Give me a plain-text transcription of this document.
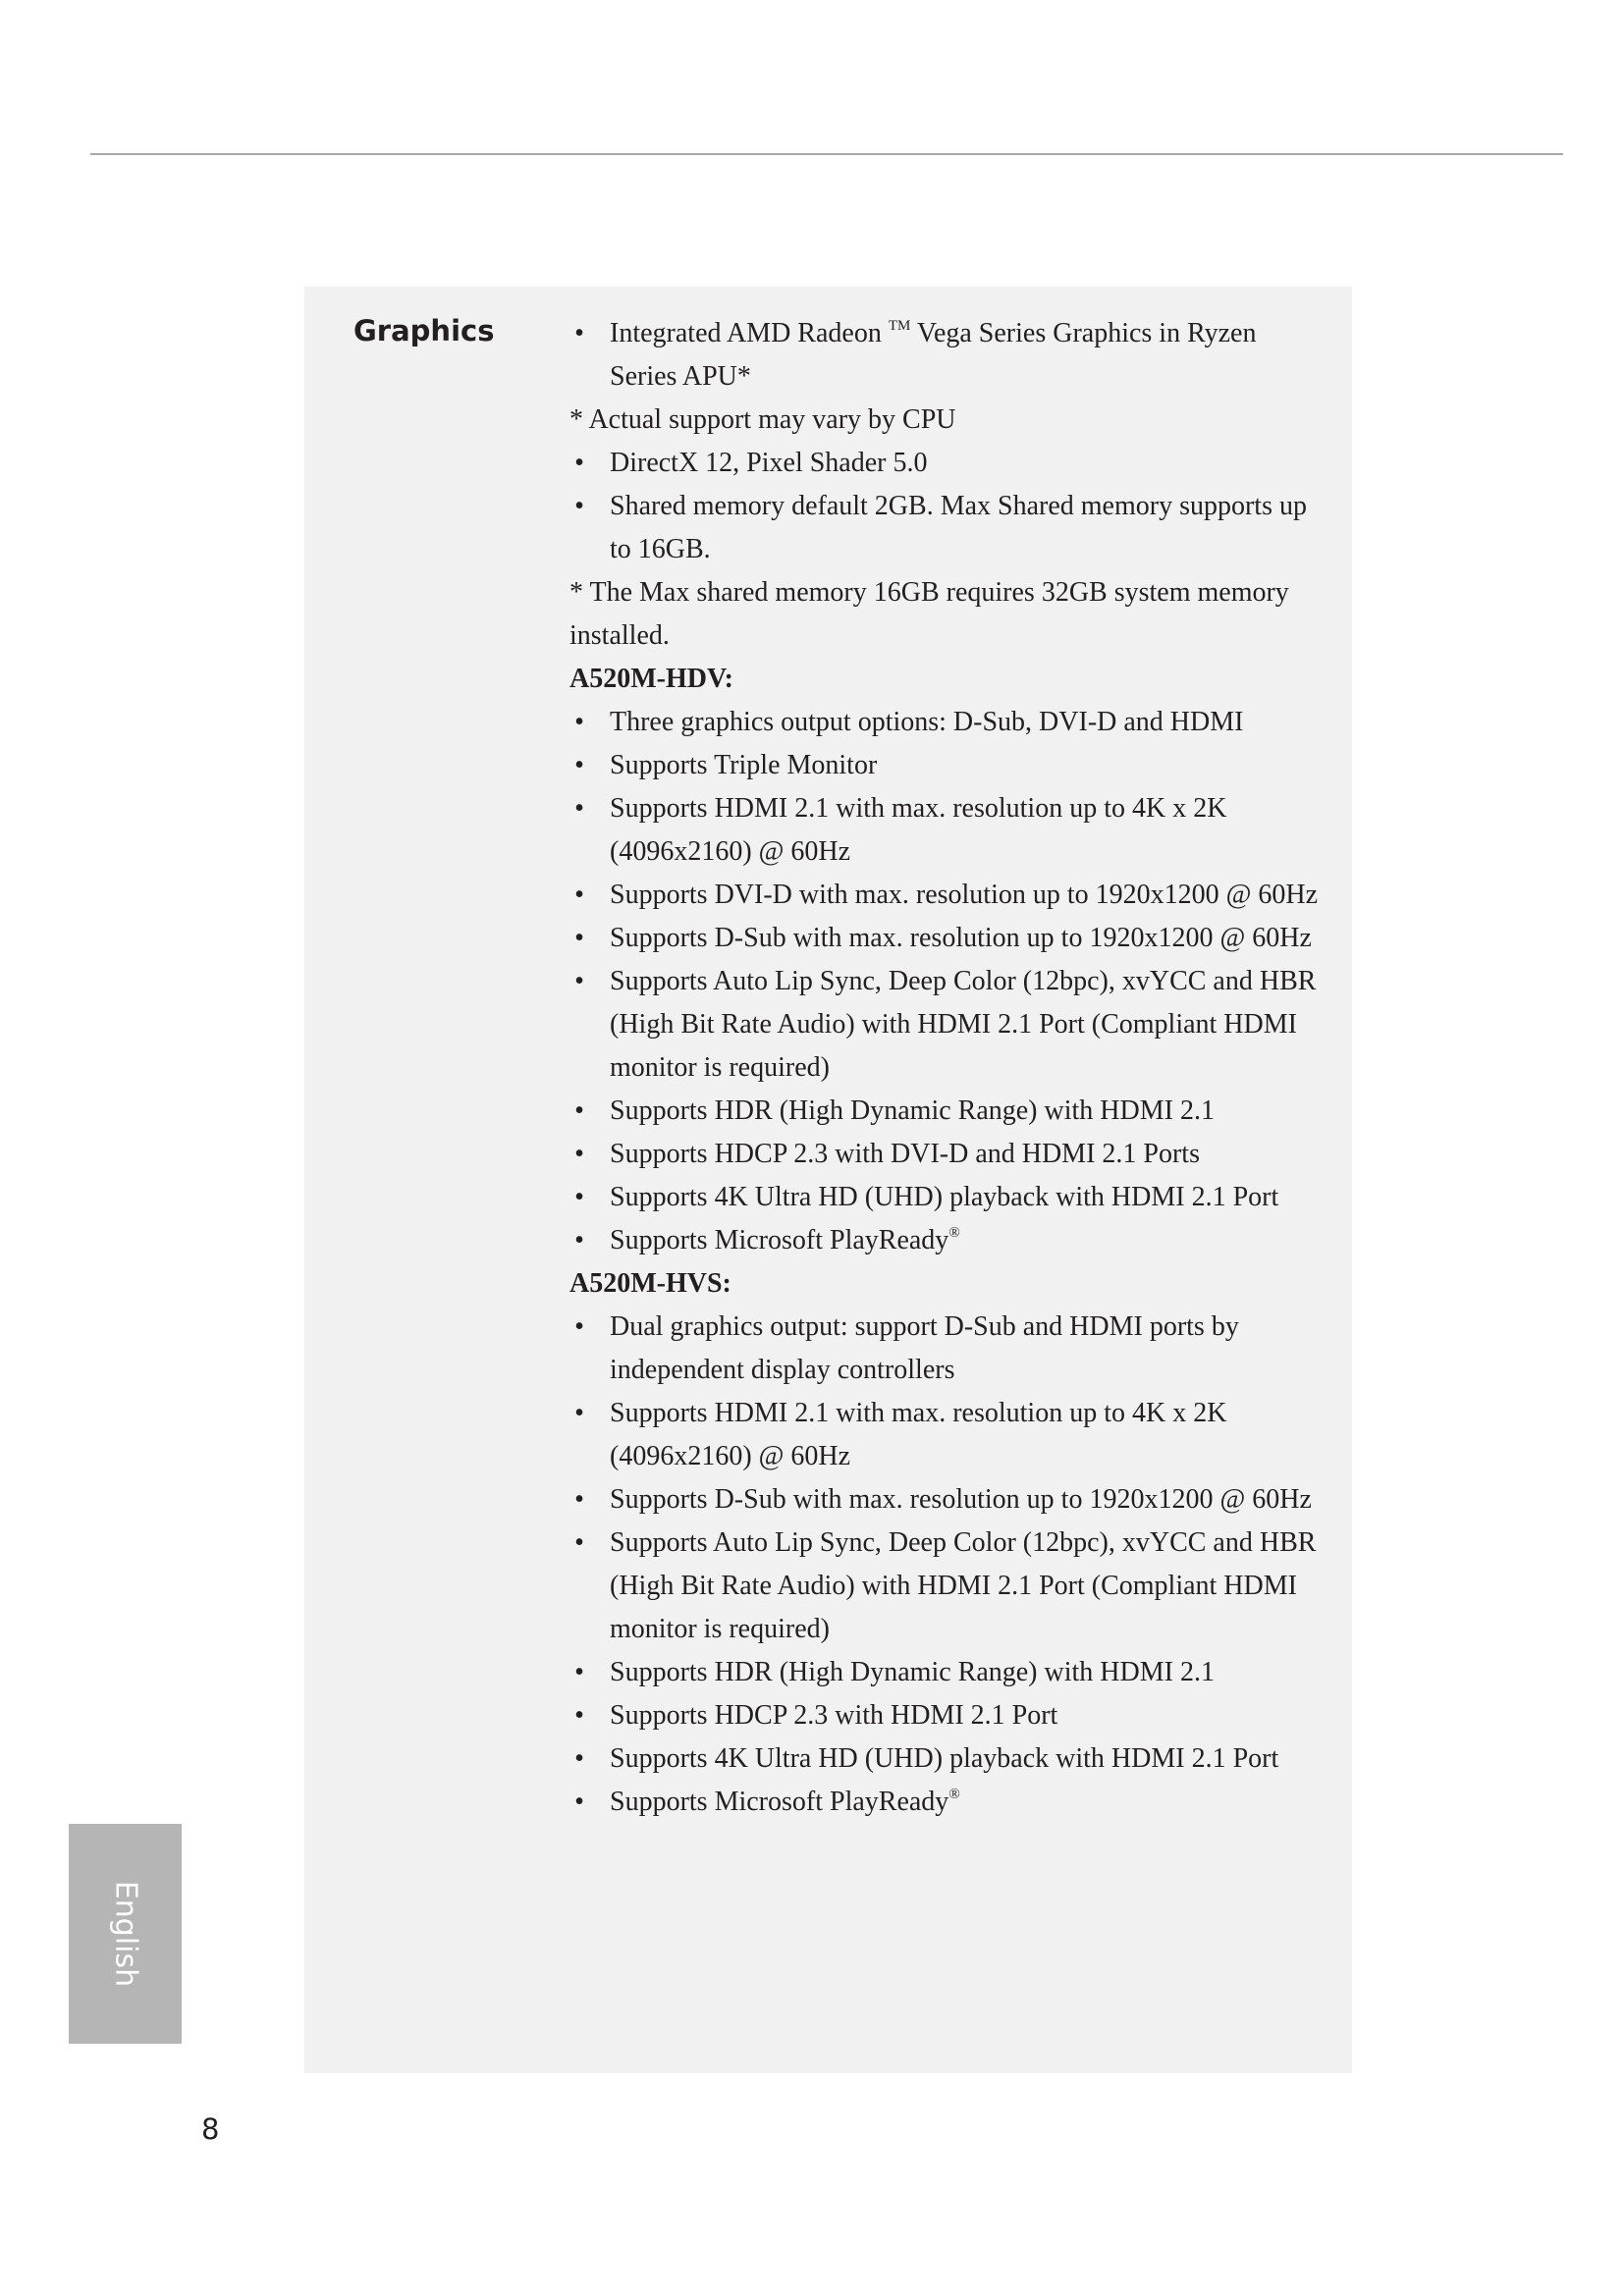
Graphics	• Integrated AMD Radeon ™ Vega Series Graphics in Ryzen Series APU*
* Actual support may vary by CPU
• DirectX 12, Pixel Shader 5.0
• Shared memory default 2GB. Max Shared memory supports up to 16GB.
* The Max shared memory 16GB requires 32GB system memory installed.
A520M-HDV:
• Three graphics output options: D-Sub, DVI-D and HDMI
• Supports Triple Monitor
• Supports HDMI 2.1 with max. resolution up to 4K x 2K (4096x2160) @ 60Hz
• Supports DVI-D with max. resolution up to 1920x1200 @ 60Hz
• Supports D-Sub with max. resolution up to 1920x1200 @ 60Hz
• Supports Auto Lip Sync, Deep Color (12bpc), xvYCC and HBR (High Bit Rate Audio) with HDMI 2.1 Port (Compliant HDMI monitor is required)
• Supports HDR (High Dynamic Range) with HDMI 2.1
• Supports HDCP 2.3 with DVI-D and HDMI 2.1 Ports
• Supports 4K Ultra HD (UHD) playback with HDMI 2.1 Port
• Supports Microsoft PlayReady®
A520M-HVS:
• Dual graphics output: support D-Sub and HDMI ports by independent display controllers
• Supports HDMI 2.1 with max. resolution up to 4K x 2K (4096x2160) @ 60Hz
• Supports D-Sub with max. resolution up to 1920x1200 @ 60Hz
• Supports Auto Lip Sync, Deep Color (12bpc), xvYCC and HBR (High Bit Rate Audio) with HDMI 2.1 Port (Compliant HDMI monitor is required)
• Supports HDR (High Dynamic Range) with HDMI 2.1
• Supports HDCP 2.3 with HDMI 2.1 Port
• Supports 4K Ultra HD (UHD) playback with HDMI 2.1 Port
• Supports Microsoft PlayReady®
English
8
